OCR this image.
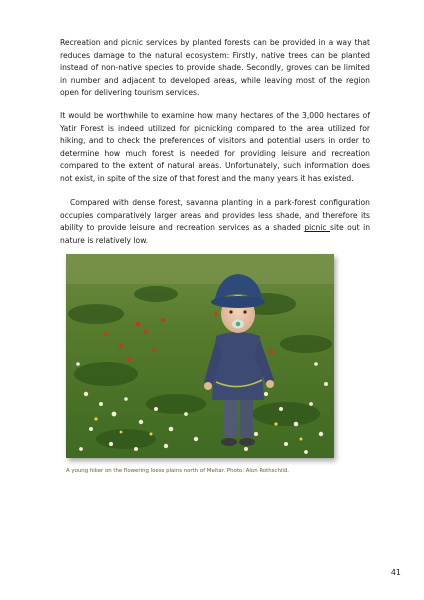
Recreation and picnic services by planted forests can be provided in a way that reduces damage to the natural ecosystem: Firstly, native trees can be planted instead of non-native species to provide shade. Secondly, groves can be limited in number and adjacent to developed areas, while leaving most of the region open for delivering tourism services.

It would be worthwhile to examine how many hectares of the 3,000 hectares of Yatir Forest is indeed utilized for picnicking compared to the area utilized for hiking, and to check the preferences of visitors and potential users in order to determine how much forest is needed for providing leisure and recreation compared to the extent of natural areas. Unfortunately, such information does not exist, in spite of the size of that forest and the many years it has existed.

Compared with dense forest, savanna planting in a park-forest configuration occupies comparatively larger areas and provides less shade, and therefore its ability to provide leisure and recreation services as a shaded picnic site out in nature is relatively low.

A young hiker on the flowering loess plains north of Meitar. Photo: Alon Rothschild.
41
